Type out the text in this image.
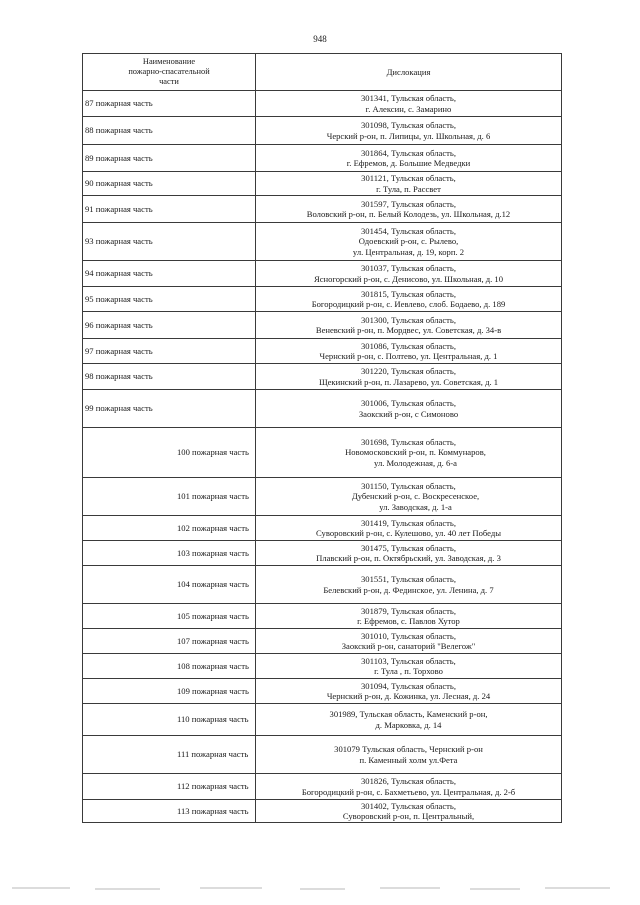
948
Наименование
пожарно-спасательной
части	Дислокация
87 пожарная часть	301341, Тульская область,
г. Алексин, с. Замарино

88 пожарная часть	301098, Тульская область,
Черский р-он, п. Липицы, ул. Школьная, д. 6

89 пожарная часть	301864, Тульская область,
г. Ефремов, д. Большие Медведки

90 пожарная часть	301121, Тульская область,
г. Тула, п. Рассвет

91 пожарная часть	301597, Тульская область,
Воловский р-он, п. Белый Колодезь, ул. Школьная, д.12

93 пожарная часть	301454, Тульская область,
Одоевский р-он, с. Рылево,
ул. Центральная, д. 19, корп. 2

94 пожарная часть	301037, Тульская область,
Ясногорский р-он, с. Денисово, ул. Школьная, д. 10

95 пожарная часть	301815, Тульская область,
Богородицкий р-он, с. Иевлево, слоб. Бодаево, д. 189

96 пожарная часть	301300, Тульская область,
Веневский р-он, п. Мордвес, ул. Советская, д. 34-в

97 пожарная часть	301086, Тульская область,
Чернский р-он, с. Полтево, ул. Центральная, д. 1

98 пожарная часть	301220, Тульская область,
Щекинский р-он, п. Лазарево, ул. Советская, д. 1

99 пожарная часть	301006, Тульская область,
Заокский р-он, с Симоново

100 пожарная часть	301698, Тульская область,
Новомосковский р-он, п. Коммунаров,
ул. Молодежная, д. 6-а

101 пожарная часть	301150, Тульская область,
Дубенский р-он, с. Воскресенское,
ул. Заводская, д. 1-а

102 пожарная часть	301419, Тульская область,
Суворовский р-он, с. Кулешово, ул. 40 лет Победы

103 пожарная часть	301475, Тульская область,
Плавский р-он, п. Октябрьский, ул. Заводская, д. 3

104 пожарная часть	301551, Тульская область,
Белевский р-он, д. Фединское, ул. Ленина, д. 7

105 пожарная часть	301879, Тульская область,
г. Ефремов, с. Павлов Хутор

107 пожарная часть	301010, Тульская область,
Заокский р-он, санаторий "Велегож"

108 пожарная часть	301103, Тульская область,
г. Тула , п. Торхово

109 пожарная часть	301094, Тульская область,
Чернский р-он, д. Кожинка, ул. Лесная, д. 24

110 пожарная часть	301989, Тульская область, Каменский р-он,
д. Марковка, д. 14

111 пожарная часть	301079 Тульская область, Чернский р-он
п. Каменный холм ул.Фета

112 пожарная часть	301826, Тульская область,
Богородицкий р-он, с. Бахметьево, ул. Центральная, д. 2-б

113 пожарная часть	301402, Тульская область,
Суворовский р-он, п. Центральный,
